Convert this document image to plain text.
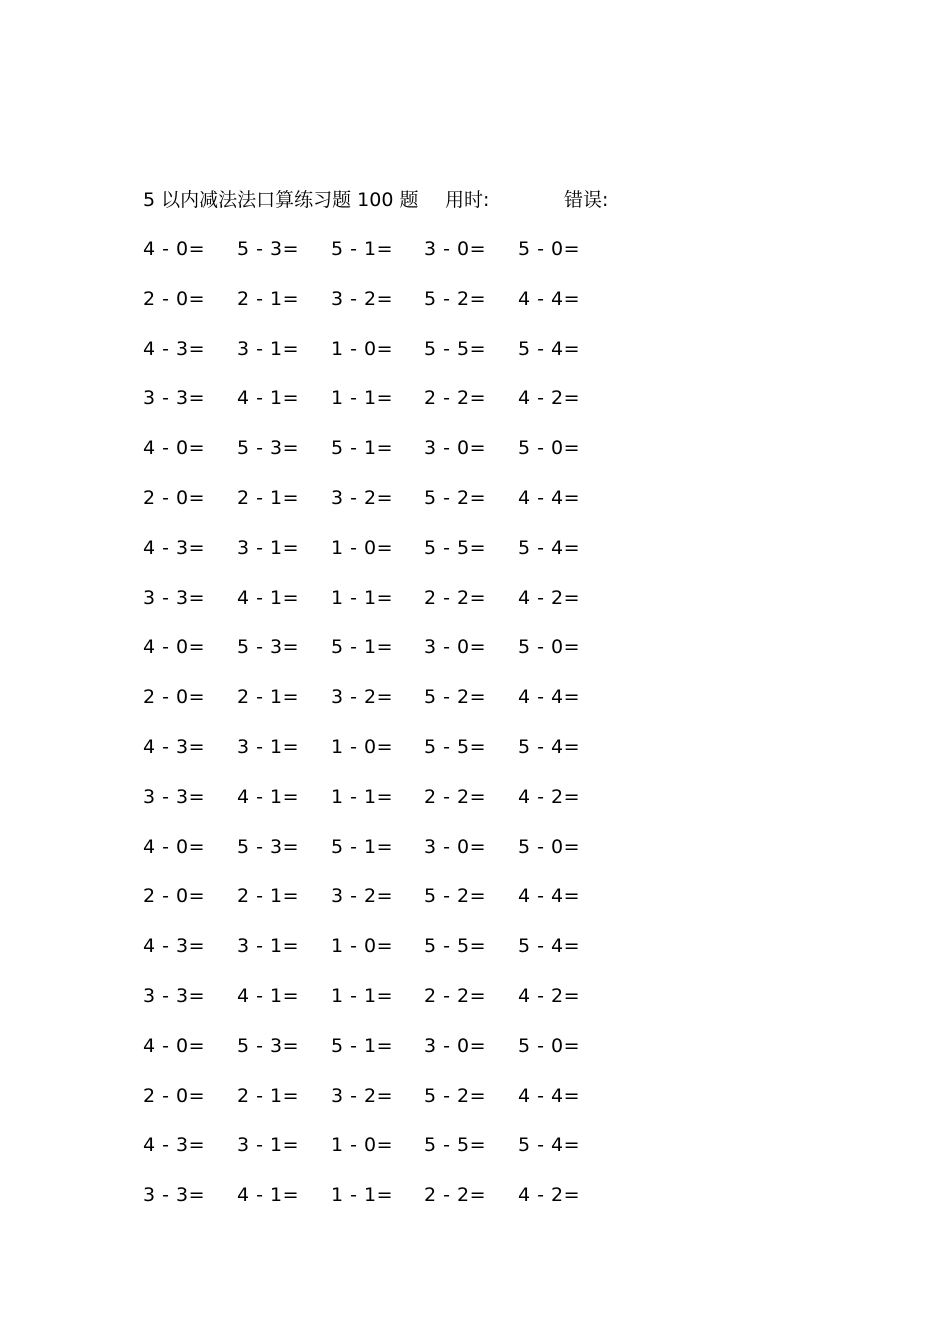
5 以内减法法口算练习题 100 题 用时:	错误:
4 - 0= 5 - 3= 5 - 1= 3 - 0= 5 - 0=
2 - 0= 2 - 1= 3 - 2= 5 - 2= 4 - 4=
4 - 3= 3 - 1= 1 - 0= 5 - 5= 5 - 4=
3 - 3= 4 - 1= 1 - 1= 2 - 2= 4 - 2=
4 - 0= 5 - 3= 5 - 1= 3 - 0= 5 - 0=
2 - 0= 2 - 1= 3 - 2= 5 - 2= 4 - 4=
4 - 3= 3 - 1= 1 - 0= 5 - 5= 5 - 4=
3 - 3= 4 - 1= 1 - 1= 2 - 2= 4 - 2=
4 - 0= 5 - 3= 5 - 1= 3 - 0= 5 - 0=
2 - 0= 2 - 1= 3 - 2= 5 - 2= 4 - 4=
4 - 3= 3 - 1= 1 - 0= 5 - 5= 5 - 4=
3 - 3= 4 - 1= 1 - 1= 2 - 2= 4 - 2=
4 - 0= 5 - 3= 5 - 1= 3 - 0= 5 - 0=
2 - 0= 2 - 1= 3 - 2= 5 - 2= 4 - 4=
4 - 3= 3 - 1= 1 - 0= 5 - 5= 5 - 4=
3 - 3= 4 - 1= 1 - 1= 2 - 2= 4 - 2=
4 - 0= 5 - 3= 5 - 1= 3 - 0= 5 - 0=
2 - 0= 2 - 1= 3 - 2= 5 - 2= 4 - 4=
4 - 3= 3 - 1= 1 - 0= 5 - 5= 5 - 4=
3 - 3= 4 - 1= 1 - 1= 2 - 2= 4 - 2=
